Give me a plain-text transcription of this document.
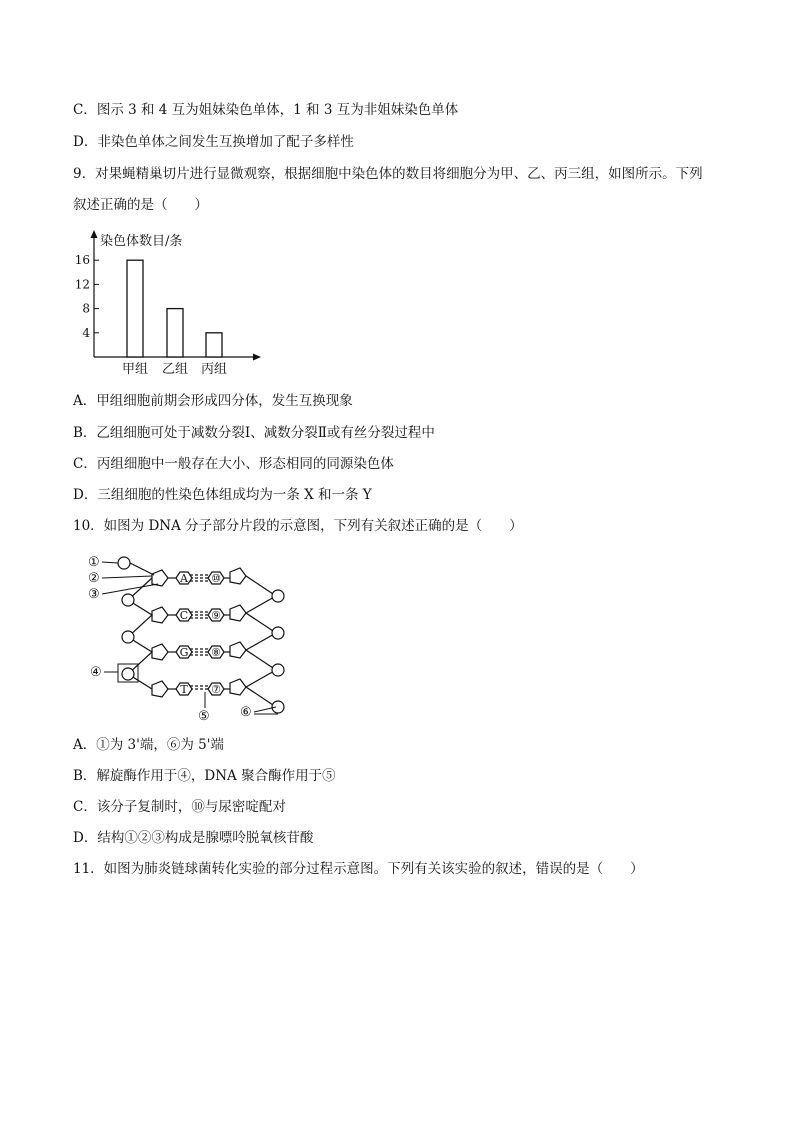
C．图示 3 和 4 互为姐妹染色单体，1 和 3 互为非姐妹染色单体
D．非染色单体之间发生互换增加了配子多样性
9．对果蝇精巢切片进行显微观察，根据细胞中染色体的数目将细胞分为甲、乙、丙三组，如图所示。下列
叙述正确的是（　　）
染色体数目/条
4
8
12
16
甲组 乙组 丙组
A．甲组细胞前期会形成四分体，发生互换现象
B．乙组细胞可处于减数分裂Ⅰ、减数分裂Ⅱ或有丝分裂过程中
C．丙组细胞中一般存在大小、形态相同的同源染色体
D．三组细胞的性染色体组成均为一条 X 和一条 Y
10．如图为 DNA 分子部分片段的示意图，下列有关叙述正确的是（　　）
A
C
G
T
⑩
⑨
⑧
⑦
①
②
③
④
⑤ ⑥
A．①为 3'端，⑥为 5'端
B．解旋酶作用于④，DNA 聚合酶作用于⑤
C．该分子复制时，⑩与尿密啶配对
D．结构①②③构成是腺嘌呤脱氧核苷酸
11．如图为肺炎链球菌转化实验的部分过程示意图。下列有关该实验的叙述，错误的是（　　）
